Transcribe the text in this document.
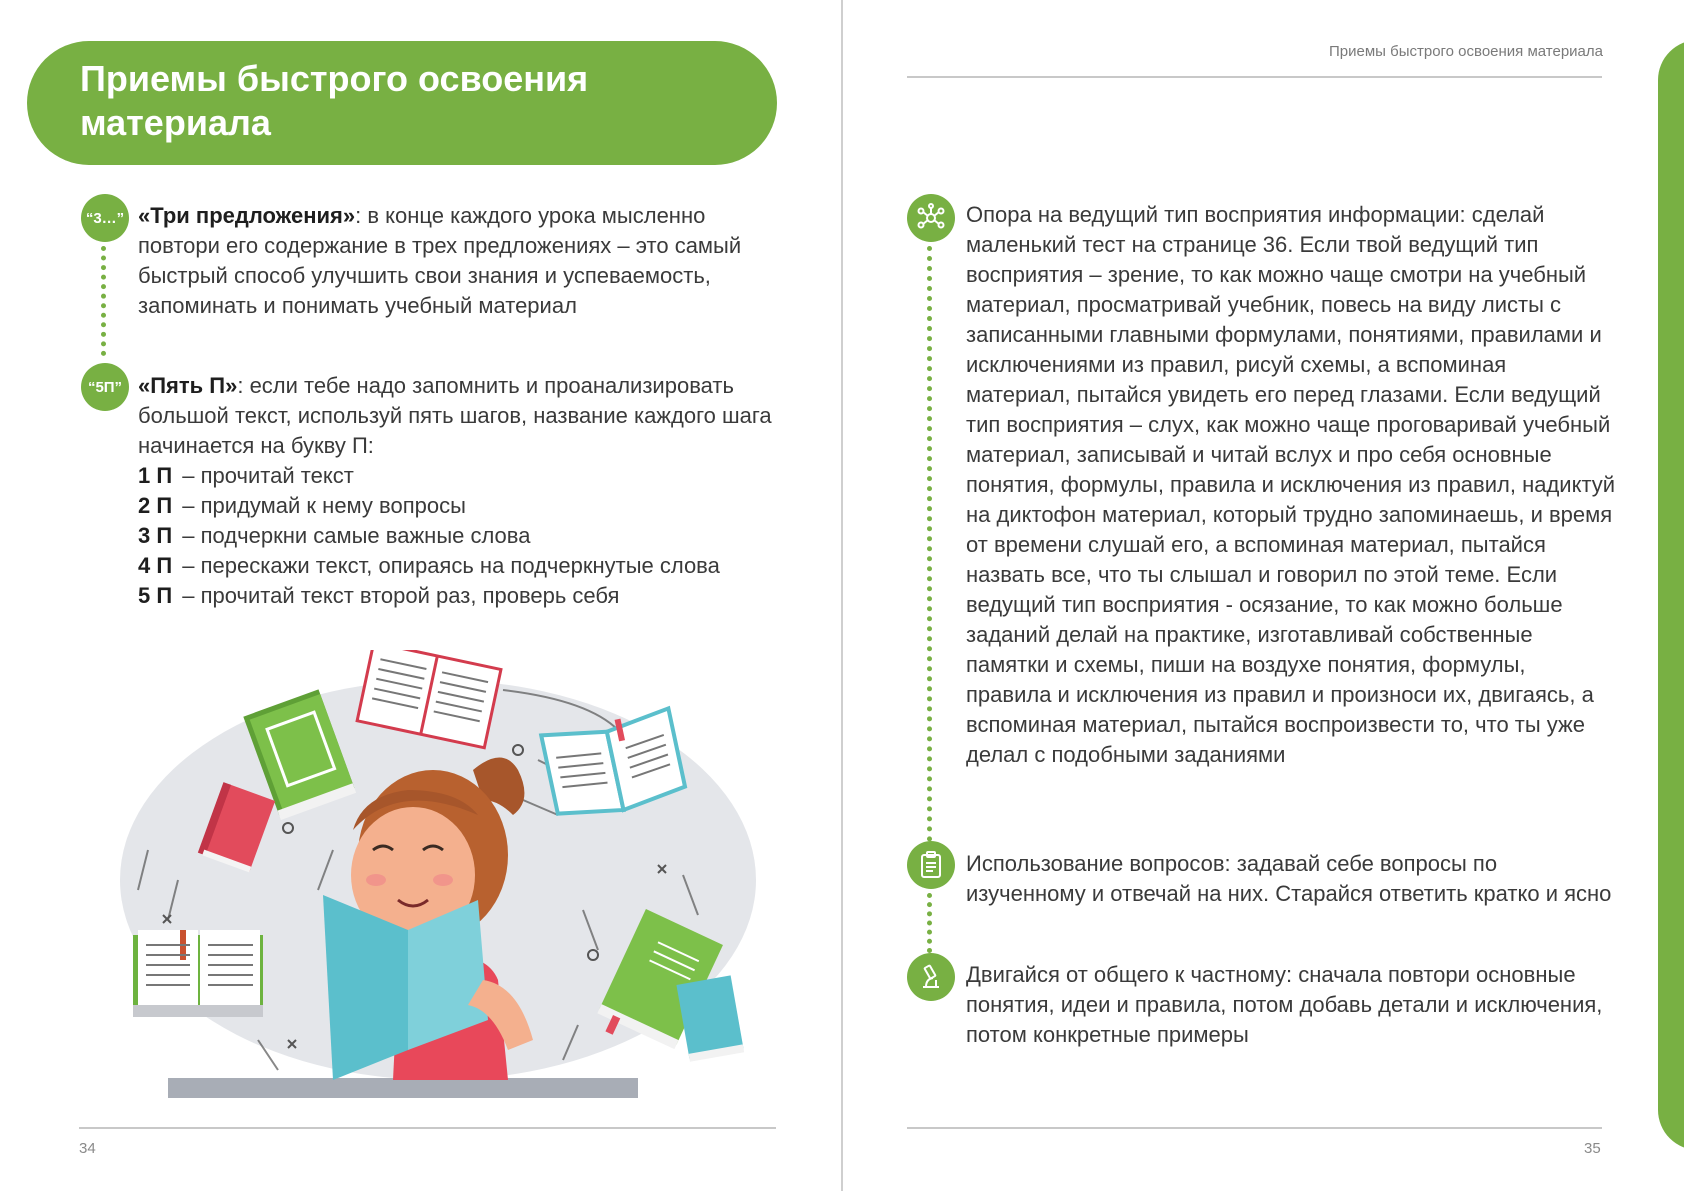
Приемы быстрого освоения материала
“3…” «Три предложения»: в конце каждого урока мысленно повтори его содержание в трех предложениях – это самый быстрый способ улучшить свои знания и успеваемость, запоминать и понимать учебный материал
“5П” «Пять П»: если тебе надо запомнить и проанализировать большой текст, используй пять шагов, название каждого шага начинается на букву П:
1 П – прочитай текст
2 П – придумай к нему вопросы
3 П – подчеркни самые важные слова
4 П – перескажи текст, опираясь на подчеркнутые слова
5 П – прочитай текст второй раз, проверь себя
34
Приемы быстрого освоения материала
Опора на ведущий тип восприятия информации: сделай маленький тест на странице 36. Если твой ведущий тип восприятия – зрение, то как можно чаще смотри на учебный материал, просматривай учебник, повесь на виду листы с записанными главными формулами, понятиями, правилами и исключениями из правил, рисуй схемы, а вспоминая материал, пытайся увидеть его перед глазами. Если ведущий тип восприятия – слух, как можно чаще проговаривай учебный материал, записывай и читай вслух и про себя основные понятия, формулы, правила и исключения из правил, надиктуй на диктофон материал, который трудно запоминаешь, и время от времени слушай его, а вспоминая материал, пытайся назвать все, что ты слышал и говорил по этой теме. Если ведущий тип восприятия - осязание, то как можно больше заданий делай на практике, изготавливай собственные памятки и схемы, пиши на воздухе понятия, формулы, правила и исключения из правил и произноси их, двигаясь, а вспоминая материал, пытайся воспроизвести то, что ты уже делал с подобными заданиями
Использование вопросов: задавай себе вопросы по изученному и отвечай на них. Старайся ответить кратко и ясно
Двигайся от общего к частному: сначала повтори основные понятия, идеи и правила, потом добавь детали и исключения, потом конкретные примеры
35
